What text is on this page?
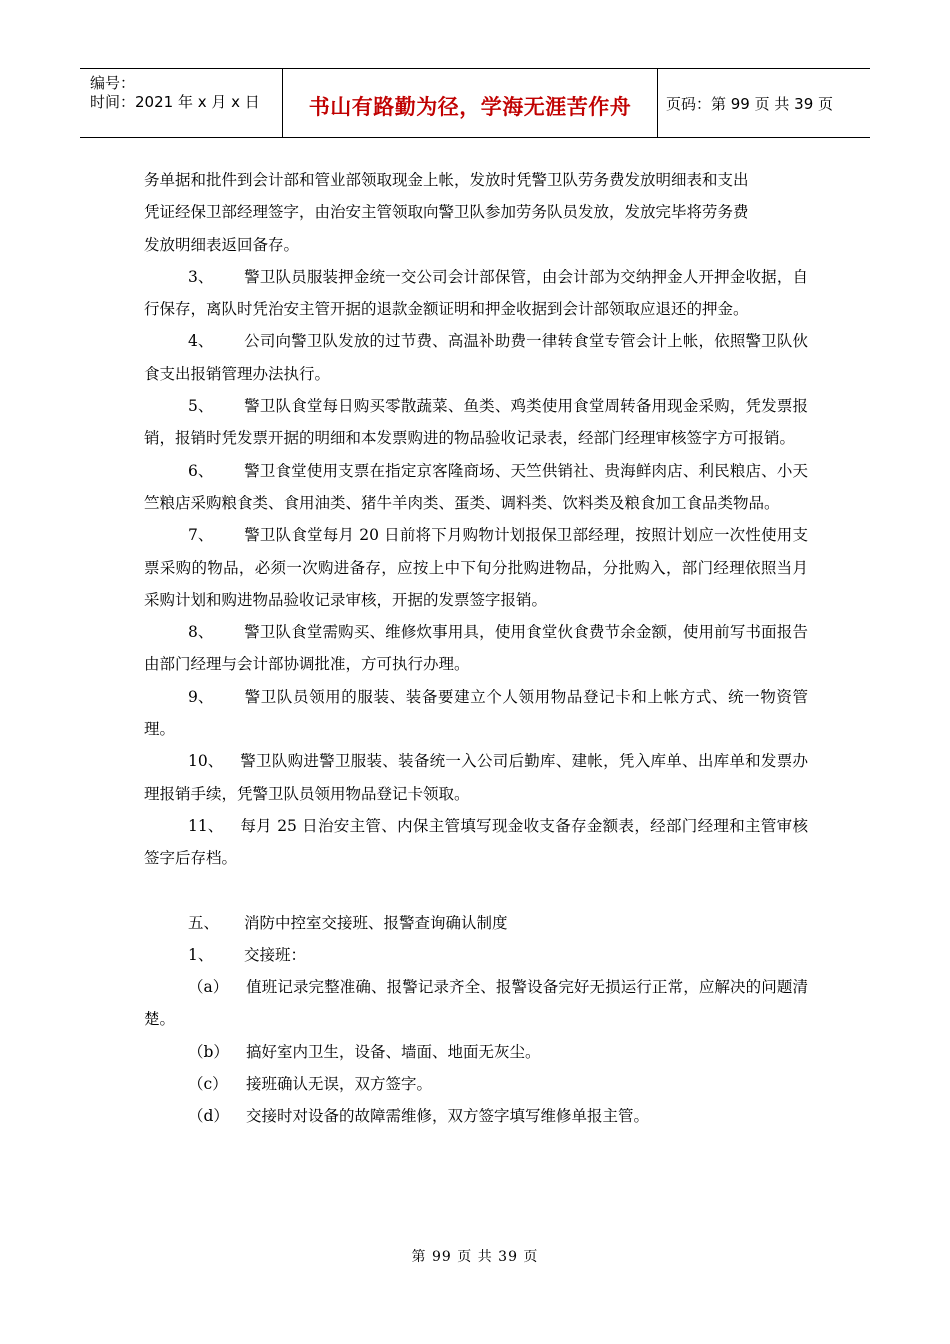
编号：
时间：2021 年 x 月 x 日	书山有路勤为径，学海无涯苦作舟	页码：第 99 页 共 39 页

务单据和批件到会计部和管业部领取现金上帐，发放时凭警卫队劳务费发放明细表和支出

凭证经保卫部经理签字，由治安主管领取向警卫队参加劳务队员发放，发放完毕将劳务费

发放明细表返回备存。

3、 警卫队员服装押金统一交公司会计部保管，由会计部为交纳押金人开押金收据，自行保存，离队时凭治安主管开据的退款金额证明和押金收据到会计部领取应退还的押金。

4、 公司向警卫队发放的过节费、高温补助费一律转食堂专管会计上帐，依照警卫队伙食支出报销管理办法执行。

5、 警卫队食堂每日购买零散蔬菜、鱼类、鸡类使用食堂周转备用现金采购，凭发票报销，报销时凭发票开据的明细和本发票购进的物品验收记录表，经部门经理审核签字方可报销。

6、 警卫食堂使用支票在指定京客隆商场、天竺供销社、贵海鲜肉店、利民粮店、小天竺粮店采购粮食类、食用油类、猪牛羊肉类、蛋类、调料类、饮料类及粮食加工食品类物品。

7、 警卫队食堂每月 20 日前将下月购物计划报保卫部经理，按照计划应一次性使用支票采购的物品，必须一次购进备存，应按上中下旬分批购进物品，分批购入，部门经理依照当月采购计划和购进物品验收记录审核，开据的发票签字报销。

8、 警卫队食堂需购买、维修炊事用具，使用食堂伙食费节余金额，使用前写书面报告由部门经理与会计部协调批准，方可执行办理。

9、 警卫队员领用的服装、装备要建立个人领用物品登记卡和上帐方式、统一物资管理。

10、 警卫队购进警卫服装、装备统一入公司后勤库、建帐，凭入库单、出库单和发票办理报销手续，凭警卫队员领用物品登记卡领取。

11、 每月 25 日治安主管、内保主管填写现金收支备存金额表，经部门经理和主管审核签字后存档。

五、 消防中控室交接班、报警查询确认制度

1、 交接班：

（a） 值班记录完整准确、报警记录齐全、报警设备完好无损运行正常，应解决的问题清楚。

（b） 搞好室内卫生，设备、墙面、地面无灰尘。

（c） 接班确认无误，双方签字。

（d） 交接时对设备的故障需维修，双方签字填写维修单报主管。

第 99 页 共 39 页
